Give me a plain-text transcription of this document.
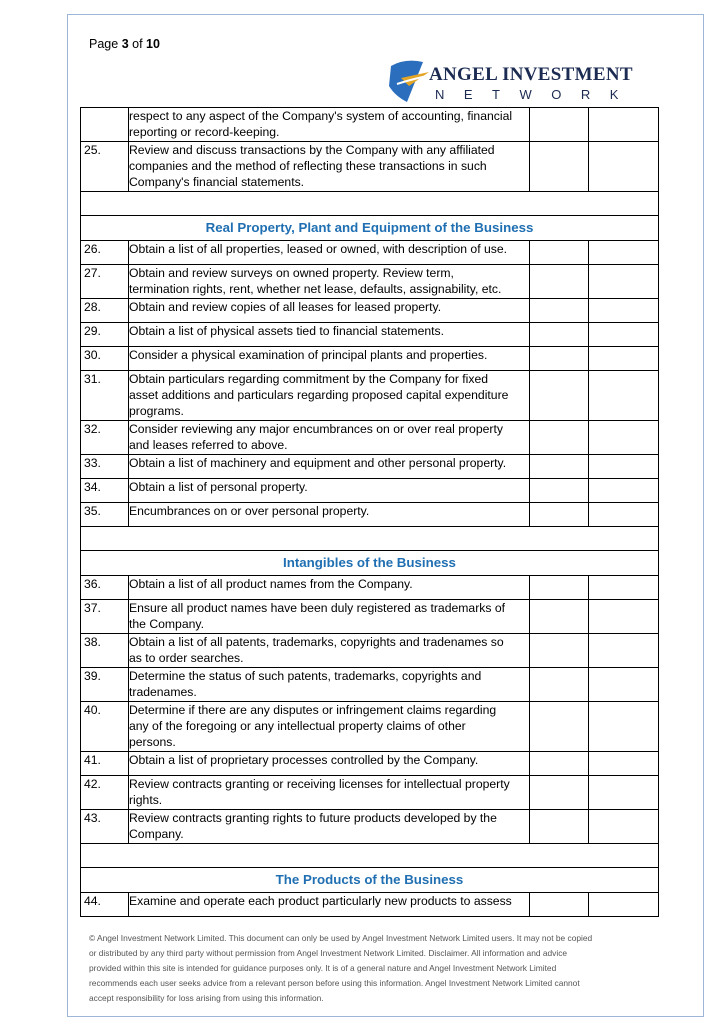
Page 3 of 10
ANGEL INVESTMENT
NETWORK

	respect to any aspect of the Company's system of accounting, financial
reporting or record-keeping.		

25.	Review and discuss transactions by the Company with any affiliated
companies and the method of reflecting these transactions in such
Company's financial statements.		

Real Property, Plant and Equipment of the Business			
26.	Obtain a list of all properties, leased or owned, with description of use.		

27.	Obtain and review surveys on owned property. Review term,
termination rights, rent, whether net lease, defaults, assignability, etc.		

28.	Obtain and review copies of all leases for leased property.		

29.	Obtain a list of physical assets tied to financial statements.		

30.	Consider a physical examination of principal plants and properties.		

31.	Obtain particulars regarding commitment by the Company for fixed
asset additions and particulars regarding proposed capital expenditure
programs.		

32.	Consider reviewing any major encumbrances on or over real property
and leases referred to above.		

33.	Obtain a list of machinery and equipment and other personal property.		

34.	Obtain a list of personal property.		

35.	Encumbrances on or over personal property.		

Intangibles of the Business			
36.	Obtain a list of all product names from the Company.		

37.	Ensure all product names have been duly registered as trademarks of
the Company.		

38.	Obtain a list of all patents, trademarks, copyrights and tradenames so
as to order searches.		

39.	Determine the status of such patents, trademarks, copyrights and
tradenames.		

40.	Determine if there are any disputes or infringement claims regarding
any of the foregoing or any intellectual property claims of other
persons.		

41.	Obtain a list of proprietary processes controlled by the Company.		

42.	Review contracts granting or receiving licenses for intellectual property
rights.		

43.	Review contracts granting rights to future products developed by the
Company.		

The Products of the Business			
44.	Examine and operate each product particularly new products to assess		

© Angel Investment Network Limited. This document can only be used by Angel Investment Network Limited users. It may not be copied
or distributed by any third party without permission from Angel Investment Network Limited. Disclaimer. All information and advice
provided within this site is intended for guidance purposes only. It is of a general nature and Angel Investment Network Limited
recommends each user seeks advice from a relevant person before using this information. Angel Investment Network Limited cannot
accept responsibility for loss arising from using this information.
